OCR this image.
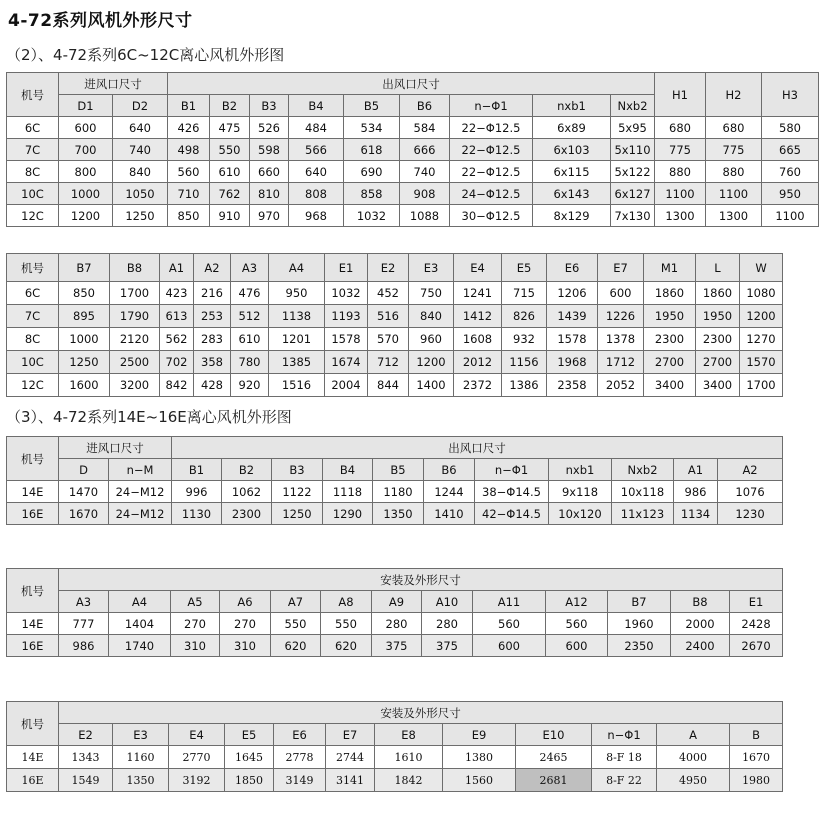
4-72系列风机外形尺寸
（2）、4-72系列6C~12C离心风机外形图
机号	进风口尺寸		出风口尺寸									H1	H2	H3
	D1	D2	B1	B2	B3	B4	B5	B6	n−Φ1	nxb1	Nxb2			
6C	600	640	426	475	526	484	534	584	22−Φ12.5	6x89	5x95	680	680	580
7C	700	740	498	550	598	566	618	666	22−Φ12.5	6x103	5x110	775	775	665
8C	800	840	560	610	660	640	690	740	22−Φ12.5	6x115	5x122	880	880	760
10C	1000	1050	710	762	810	808	858	908	24−Φ12.5	6x143	6x127	1100	1100	950
12C	1200	1250	850	910	970	968	1032	1088	30−Φ12.5	8x129	7x130	1300	1300	1100
机号	B7	B8	A1	A2	A3	A4	E1	E2	E3	E4	E5	E6	E7	M1	L	W
6C	850	1700	423	216	476	950	1032	452	750	1241	715	1206	600	1860	1860	1080
7C	895	1790	613	253	512	1138	1193	516	840	1412	826	1439	1226	1950	1950	1200
8C	1000	2120	562	283	610	1201	1578	570	960	1608	932	1578	1378	2300	2300	1270
10C	1250	2500	702	358	780	1385	1674	712	1200	2012	1156	1968	1712	2700	2700	1570
12C	1600	3200	842	428	920	1516	2004	844	1400	2372	1386	2358	2052	3400	3400	1700
（3）、4-72系列14E~16E离心风机外形图
机号	进风口尺寸		出风口尺寸										
	D	n−M	B1	B2	B3	B4	B5	B6	n−Φ1	nxb1	Nxb2	A1	A2
14E	1470	24−M12	996	1062	1122	1118	1180	1244	38−Φ14.5	9x118	10x118	986	1076
16E	1670	24−M12	1130	2300	1250	1290	1350	1410	42−Φ14.5	10x120	11x123	1134	1230
机号	安装及外形尺寸												
	A3	A4	A5	A6	A7	A8	A9	A10	A11	A12	B7	B8	E1
14E	777	1404	270	270	550	550	280	280	560	560	1960	2000	2428
16E	986	1740	310	310	620	620	375	375	600	600	2350	2400	2670
机号	安装及外形尺寸											
	E2	E3	E4	E5	E6	E7	E8	E9	E10	n−Φ1	A	B
14E	1343	1160	2770	1645	2778	2744	1610	1380	2465	8-F 18	4000	1670
16E	1549	1350	3192	1850	3149	3141	1842	1560	2681	8-F 22	4950	1980
